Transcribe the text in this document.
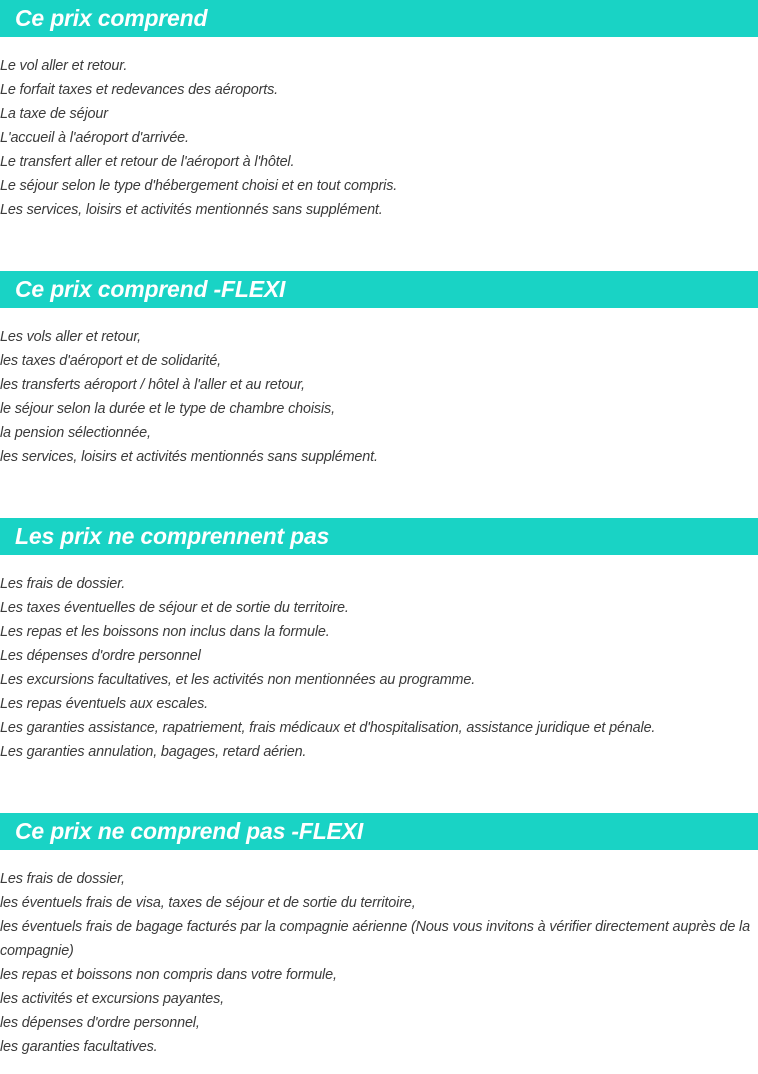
Ce prix comprend
Le vol aller et retour.
Le forfait taxes et redevances des aéroports.
La taxe de séjour
L'accueil à l'aéroport d'arrivée.
Le transfert aller et retour de l'aéroport à l'hôtel.
Le séjour selon le type d'hébergement choisi et en tout compris.
Les services, loisirs et activités mentionnés sans supplément.
Ce prix comprend -FLEXI
Les vols aller et retour,
les taxes d'aéroport et de solidarité,
les transferts aéroport / hôtel à l'aller et au retour,
le séjour selon la durée et le type de chambre choisis,
la pension sélectionnée,
les services, loisirs et activités mentionnés sans supplément.
Les prix ne comprennent pas
Les frais de dossier.
Les taxes éventuelles de séjour et de sortie du territoire.
Les repas et les boissons non inclus dans la formule.
Les dépenses d'ordre personnel
Les excursions facultatives, et les activités non mentionnées au programme.
Les repas éventuels aux escales.
Les garanties assistance, rapatriement, frais médicaux et d'hospitalisation, assistance juridique et pénale.
Les garanties annulation, bagages, retard aérien.
Ce prix ne comprend pas -FLEXI
Les frais de dossier,
les éventuels frais de visa, taxes de séjour et de sortie du territoire,
les éventuels frais de bagage facturés par la compagnie aérienne (Nous vous invitons à vérifier directement auprès de la compagnie)
les repas et boissons non compris dans votre formule,
les activités et excursions payantes,
les dépenses d'ordre personnel,
les garanties facultatives.
